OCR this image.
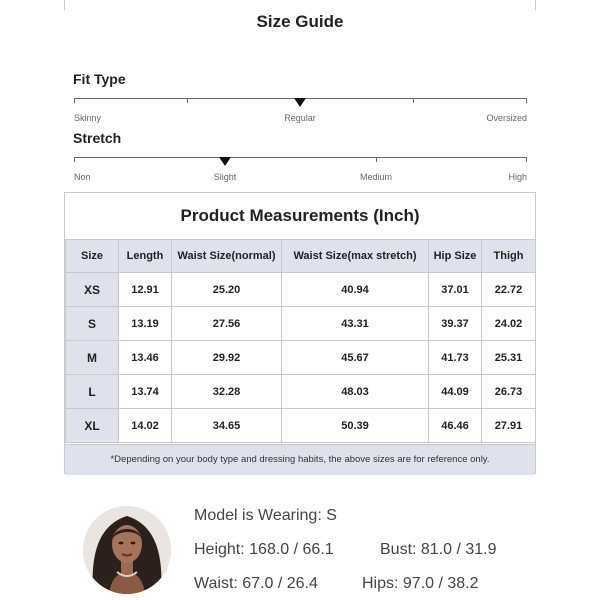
Size Guide
Fit Type
Skinny	Regular	Oversized
Stretch
Non	Slight	Medium	High
Product Measurements (Inch)
Size	Length	Waist Size(normal)	Waist Size(max stretch)	Hip Size	Thigh
XS	12.91	25.20	40.94	37.01	22.72
S	13.19	27.56	43.31	39.37	24.02
M	13.46	29.92	45.67	41.73	25.31
L	13.74	32.28	48.03	44.09	26.73
XL	14.02	34.65	50.39	46.46	27.91
*Depending on your body type and dressing habits, the above sizes are for reference only.
Model is Wearing: S
Height: 168.0 / 66.1	Bust: 81.0 / 31.9
Waist: 67.0 / 26.4	Hips: 97.0 / 38.2
